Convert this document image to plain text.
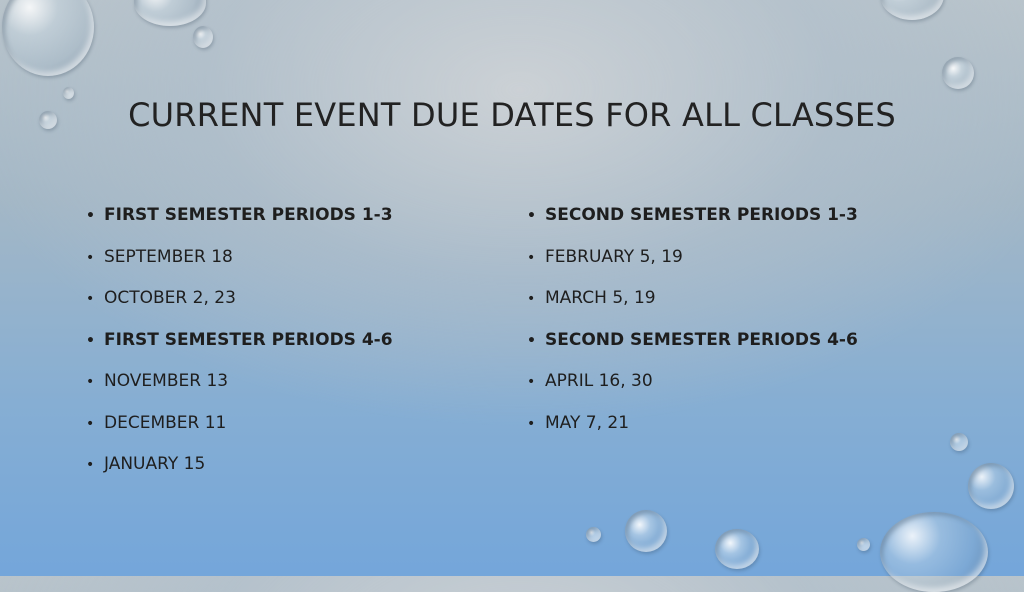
CURRENT EVENT DUE DATES FOR ALL CLASSES
• FIRST SEMESTER PERIODS 1-3
• SEPTEMBER 18
• OCTOBER 2, 23
• FIRST SEMESTER PERIODS 4-6
• NOVEMBER 13
• DECEMBER 11
• JANUARY 15
• SECOND SEMESTER PERIODS 1-3
• FEBRUARY 5, 19
• MARCH 5, 19
• SECOND SEMESTER PERIODS 4-6
• APRIL 16, 30
• MAY 7, 21
